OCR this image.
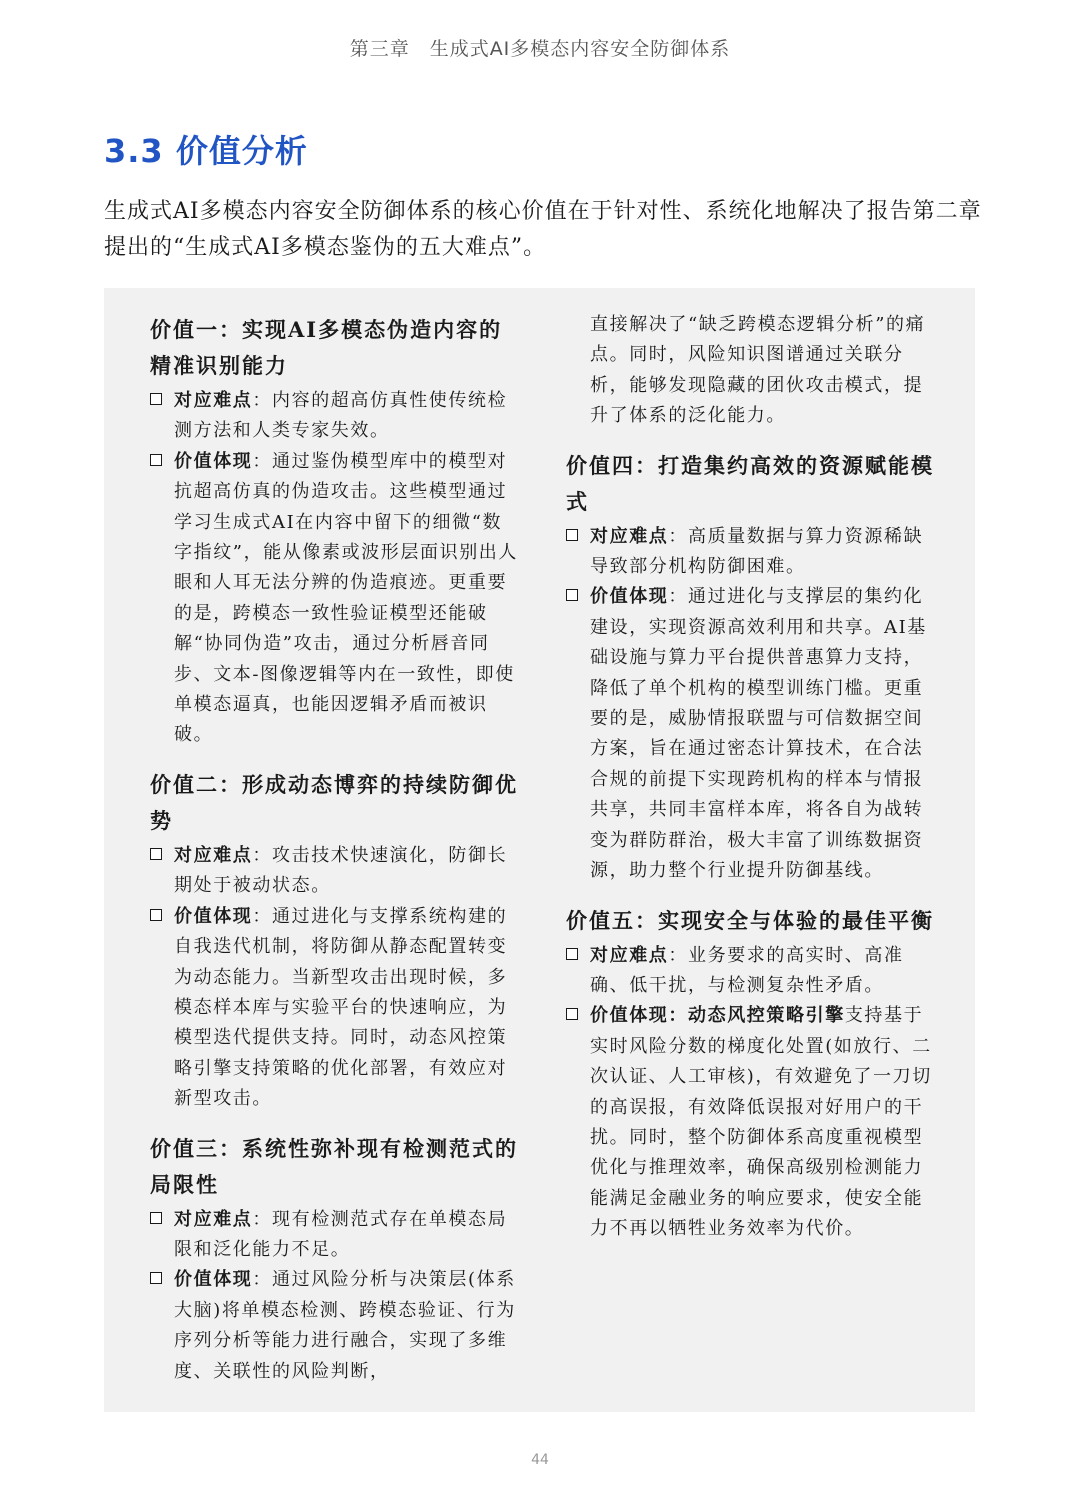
第三章　生成式AI多模态内容安全防御体系
3.3 价值分析
生成式AI多模态内容安全防御体系的核心价值在于针对性、系统化地解决了报告第二章提出的“生成式AI多模态鉴伪的五大难点”。
价值一：实现AI多模态伪造内容的精准识别能力
对应难点：内容的超高仿真性使传统检测方法和人类专家失效。
价值体现：通过鉴伪模型库中的模型对抗超高仿真的伪造攻击。这些模型通过学习生成式AI在内容中留下的细微“数字指纹”，能从像素或波形层面识别出人眼和人耳无法分辨的伪造痕迹。更重要的是，跨模态一致性验证模型还能破解“协同伪造”攻击，通过分析唇音同步、文本-图像逻辑等内在一致性，即使单模态逼真，也能因逻辑矛盾而被识破。
价值二：形成动态博弈的持续防御优势
对应难点：攻击技术快速演化，防御长期处于被动状态。
价值体现：通过进化与支撑系统构建的自我迭代机制，将防御从静态配置转变为动态能力。当新型攻击出现时候，多模态样本库与实验平台的快速响应，为模型迭代提供支持。同时，动态风控策略引擎支持策略的优化部署，有效应对新型攻击。
价值三：系统性弥补现有检测范式的局限性
对应难点：现有检测范式存在单模态局限和泛化能力不足。
价值体现：通过风险分析与决策层(体系大脑)将单模态检测、跨模态验证、行为序列分析等能力进行融合，实现了多维度、关联性的风险判断，
直接解决了“缺乏跨模态逻辑分析”的痛点。同时，风险知识图谱通过关联分析，能够发现隐藏的团伙攻击模式，提升了体系的泛化能力。
价值四：打造集约高效的资源赋能模式
对应难点：高质量数据与算力资源稀缺导致部分机构防御困难。
价值体现：通过进化与支撑层的集约化建设，实现资源高效利用和共享。AI基础设施与算力平台提供普惠算力支持，降低了单个机构的模型训练门槛。更重要的是，威胁情报联盟与可信数据空间方案，旨在通过密态计算技术，在合法合规的前提下实现跨机构的样本与情报共享，共同丰富样本库，将各自为战转变为群防群治，极大丰富了训练数据资源，助力整个行业提升防御基线。
价值五：实现安全与体验的最佳平衡
对应难点：业务要求的高实时、高准确、低干扰，与检测复杂性矛盾。
价值体现：动态风控策略引擎支持基于实时风险分数的梯度化处置(如放行、二次认证、人工审核)，有效避免了一刀切的高误报，有效降低误报对好用户的干扰。同时，整个防御体系高度重视模型优化与推理效率，确保高级别检测能力能满足金融业务的响应要求，使安全能力不再以牺牲业务效率为代价。
44
